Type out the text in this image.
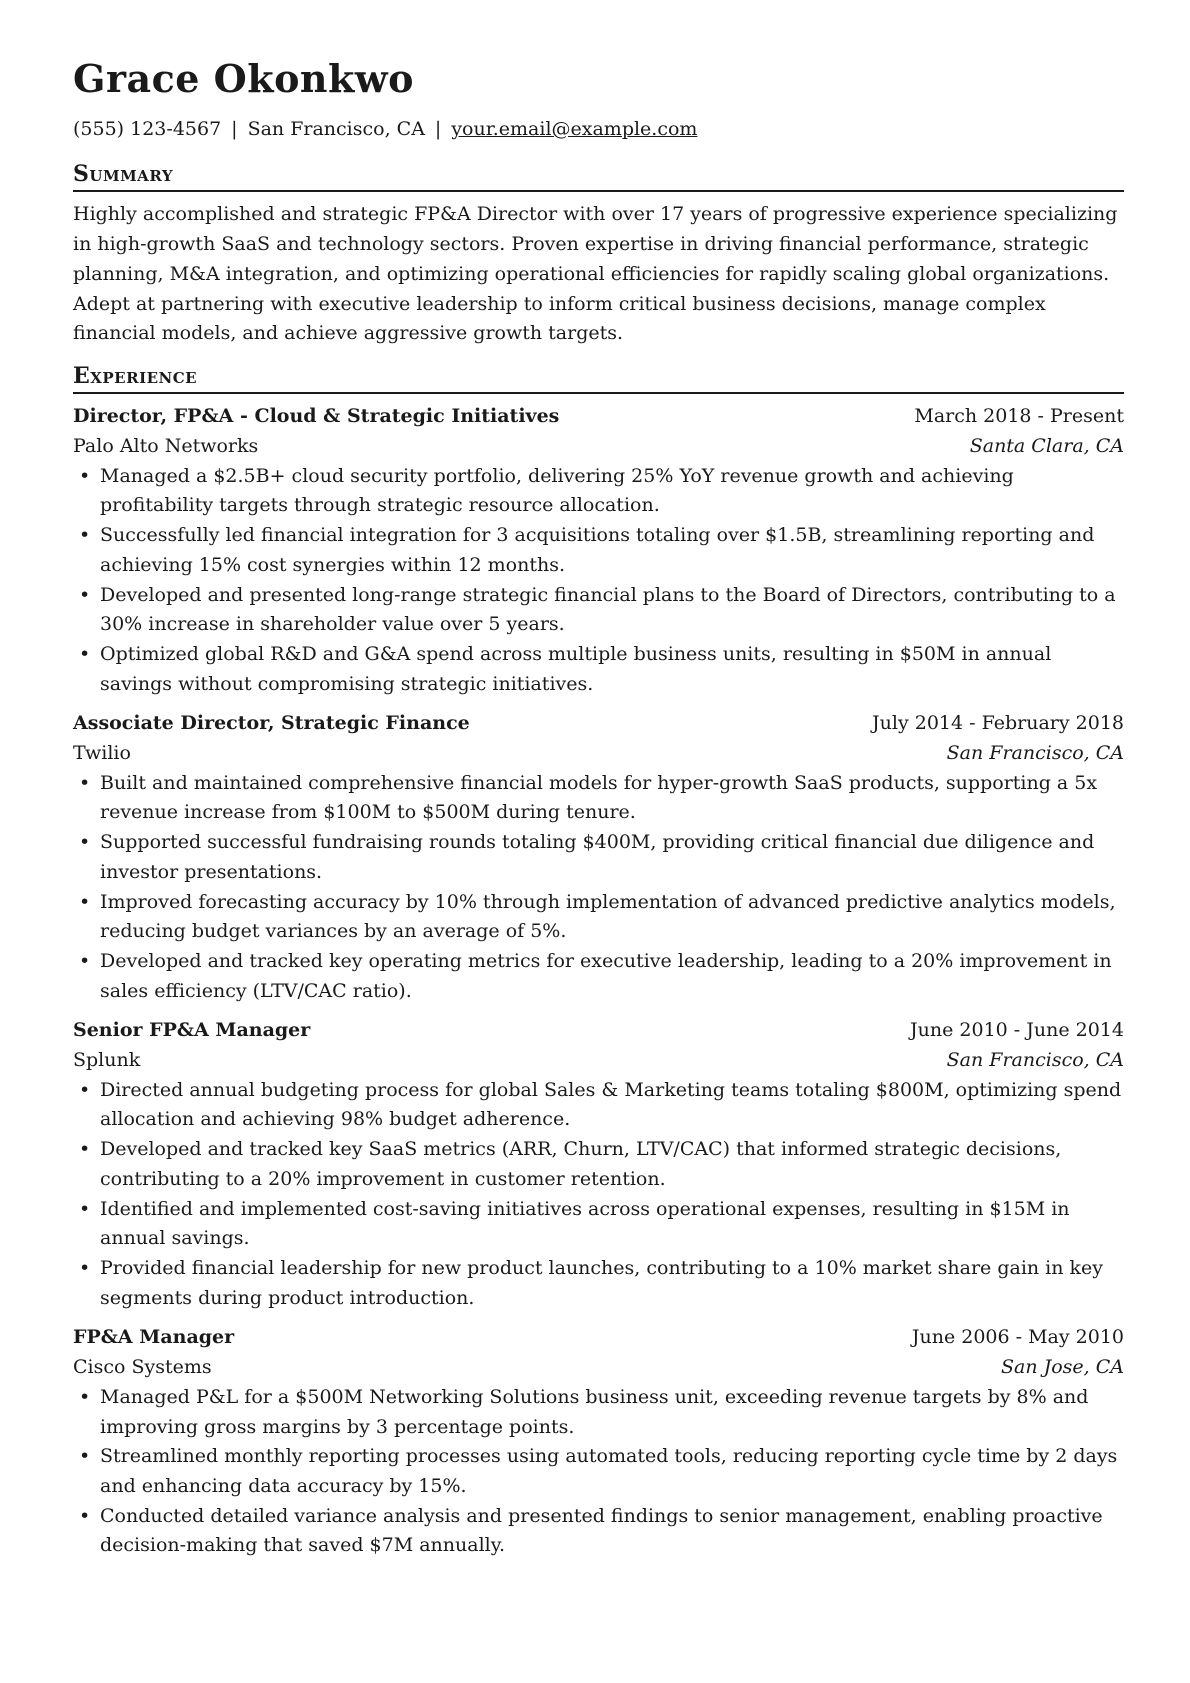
Grace Okonkwo
(555) 123-4567 | San Francisco, CA | your.email@example.com
Summary
Highly accomplished and strategic FP&A Director with over 17 years of progressive experience specializing in high-growth SaaS and technology sectors. Proven expertise in driving financial performance, strategic planning, M&A integration, and optimizing operational efficiencies for rapidly scaling global organizations. Adept at partnering with executive leadership to inform critical business decisions, manage complex financial models, and achieve aggressive growth targets.
Experience
Director, FP&A - Cloud & Strategic Initiatives	March 2018 - Present
Palo Alto Networks	Santa Clara, CA
• Managed a $2.5B+ cloud security portfolio, delivering 25% YoY revenue growth and achieving profitability targets through strategic resource allocation.
• Successfully led financial integration for 3 acquisitions totaling over $1.5B, streamlining reporting and achieving 15% cost synergies within 12 months.
• Developed and presented long-range strategic financial plans to the Board of Directors, contributing to a 30% increase in shareholder value over 5 years.
• Optimized global R&D and G&A spend across multiple business units, resulting in $50M in annual savings without compromising strategic initiatives.
Associate Director, Strategic Finance	July 2014 - February 2018
Twilio	San Francisco, CA
• Built and maintained comprehensive financial models for hyper-growth SaaS products, supporting a 5x revenue increase from $100M to $500M during tenure.
• Supported successful fundraising rounds totaling $400M, providing critical financial due diligence and investor presentations.
• Improved forecasting accuracy by 10% through implementation of advanced predictive analytics models, reducing budget variances by an average of 5%.
• Developed and tracked key operating metrics for executive leadership, leading to a 20% improvement in sales efficiency (LTV/CAC ratio).
Senior FP&A Manager	June 2010 - June 2014
Splunk	San Francisco, CA
• Directed annual budgeting process for global Sales & Marketing teams totaling $800M, optimizing spend allocation and achieving 98% budget adherence.
• Developed and tracked key SaaS metrics (ARR, Churn, LTV/CAC) that informed strategic decisions, contributing to a 20% improvement in customer retention.
• Identified and implemented cost-saving initiatives across operational expenses, resulting in $15M in annual savings.
• Provided financial leadership for new product launches, contributing to a 10% market share gain in key segments during product introduction.
FP&A Manager	June 2006 - May 2010
Cisco Systems	San Jose, CA
• Managed P&L for a $500M Networking Solutions business unit, exceeding revenue targets by 8% and improving gross margins by 3 percentage points.
• Streamlined monthly reporting processes using automated tools, reducing reporting cycle time by 2 days and enhancing data accuracy by 15%.
• Conducted detailed variance analysis and presented findings to senior management, enabling proactive decision-making that saved $7M annually.
